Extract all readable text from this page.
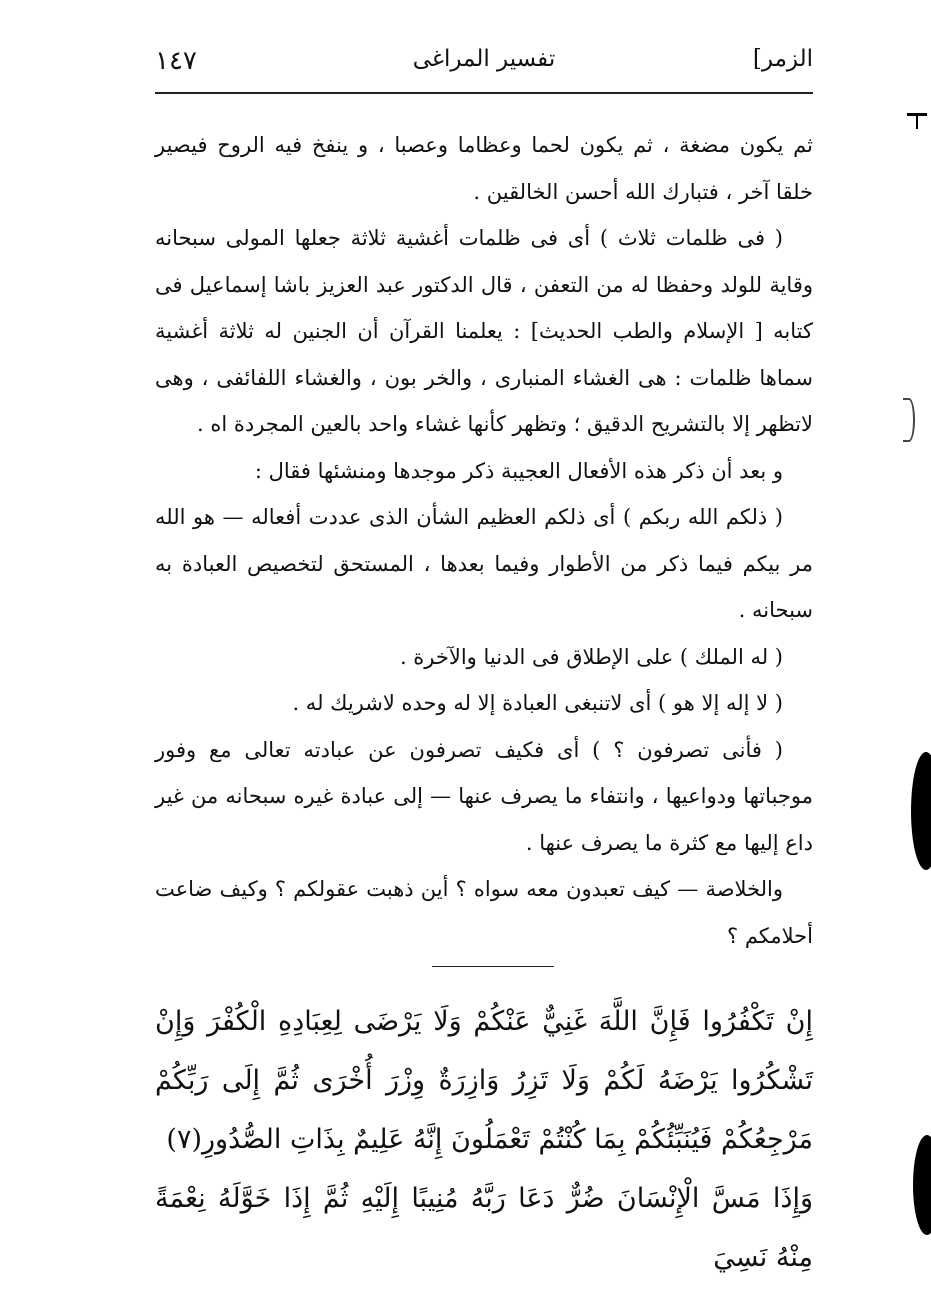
الزمر]
تفسير المراغى
١٤٧

ثم يكون مضغة ، ثم يكون لحما وعظاما وعصبا ، و ينفخ فيه الروح فيصير خلقا آخر ، فتبارك الله أحسن الخالقين .

( فى ظلمات ثلاث ) أى فى ظلمات أغشية ثلاثة جعلها المولى سبحانه وقاية للولد وحفظا له من التعفن ، قال الدكتور عبد العزيز باشا إسماعيل فى كتابه [ الإسلام والطب الحديث] : يعلمنا القرآن أن الجنين له ثلاثة أغشية سماها ظلمات : هى الغشاء المنبارى ، والخر بون ، والغشاء اللفائفى ، وهى لاتظهر إلا بالتشريح الدقيق ؛ وتظهر كأنها غشاء واحد بالعين المجردة اه .

و بعد أن ذكر هذه الأفعال العجيبة ذكر موجدها ومنشئها فقال :

( ذلكم الله ربكم ) أى ذلكم العظيم الشأن الذى عددت أفعاله — هو الله مر بيكم فيما ذكر من الأطوار وفيما بعدها ، المستحق لتخصيص العبادة به سبحانه .

( له الملك ) على الإطلاق فى الدنيا والآخرة .

( لا إله إلا هو ) أى لاتنبغى العبادة إلا له وحده لاشريك له .

( فأنى تصرفون ؟ ) أى فكيف تصرفون عن عبادته تعالى مع وفور موجباتها ودواعيها ، وانتفاء ما يصرف عنها — إلى عبادة غيره سبحانه من غير داع إليها مع كثرة ما يصرف عنها .

والخلاصة — كيف تعبدون معه سواه ؟ أين ذهبت عقولكم ؟ وكيف ضاعت أحلامكم ؟

إِنْ تَكْفُرُوا فَإِنَّ اللَّهَ غَنِيٌّ عَنْكُمْ وَلَا يَرْضَى لِعِبَادِهِ الْكُفْرَ وَإِنْ تَشْكُرُوا يَرْضَهُ لَكُمْ وَلَا تَزِرُ وَازِرَةٌ وِزْرَ أُخْرَى ثُمَّ إِلَى رَبِّكُمْ مَرْجِعُكُمْ فَيُنَبِّئُكُمْ بِمَا كُنْتُمْ تَعْمَلُونَ إِنَّهُ عَلِيمٌ بِذَاتِ الصُّدُورِ(٧)

وَإِذَا مَسَّ الْإِنْسَانَ ضُرٌّ دَعَا رَبَّهُ مُنِيبًا إِلَيْهِ ثُمَّ إِذَا خَوَّلَهُ نِعْمَةً مِنْهُ نَسِيَ
